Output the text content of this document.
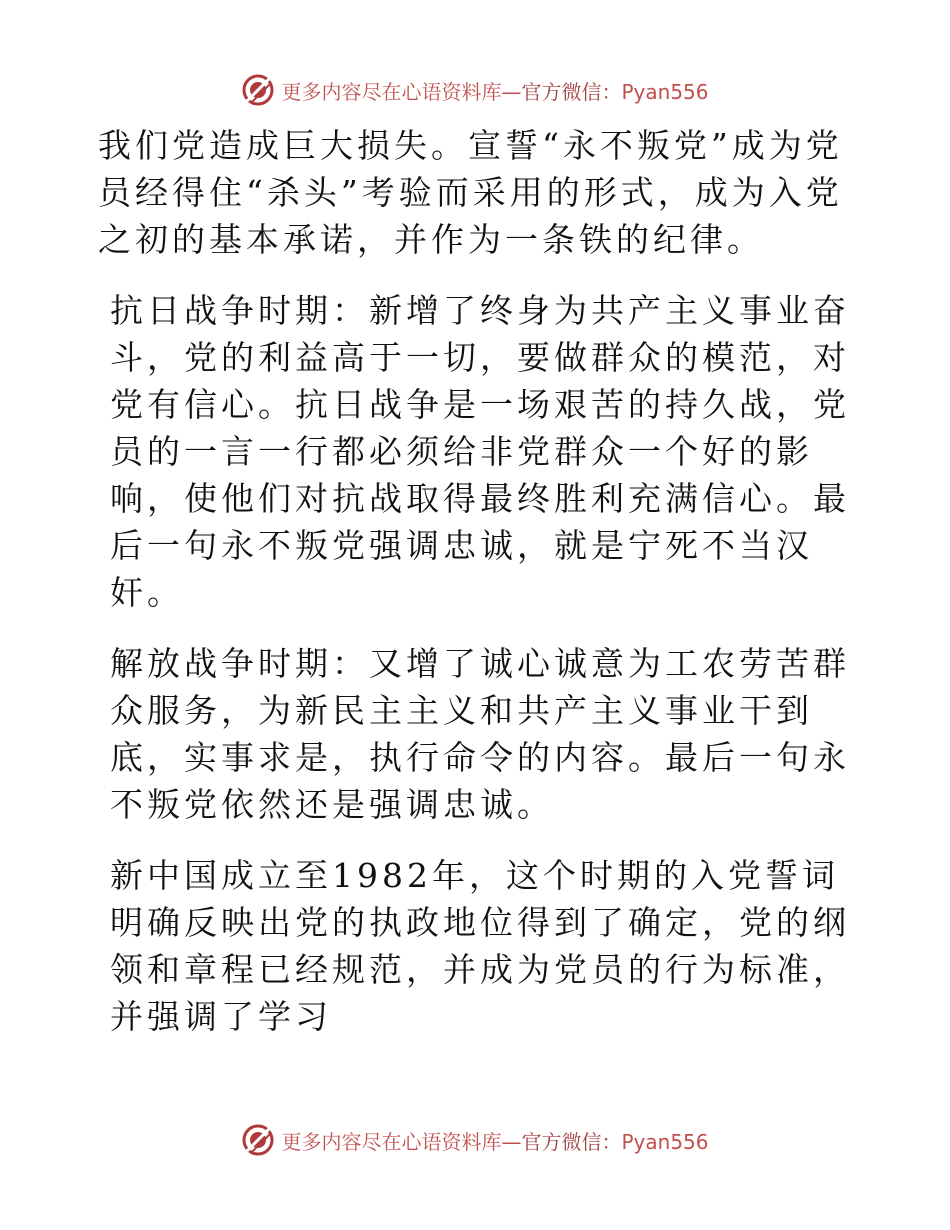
更多内容尽在心语资料库—官方微信：Pyan556

我们党造成巨大损失。宣誓“永不叛党”成为党员经得住“杀头”考验而采用的形式，成为入党之初的基本承诺，并作为一条铁的纪律。

抗日战争时期：新增了终身为共产主义事业奋斗，党的利益高于一切，要做群众的模范，对党有信心。抗日战争是一场艰苦的持久战，党员的一言一行都必须给非党群众一个好的影响，使他们对抗战取得最终胜利充满信心。最后一句永不叛党强调忠诚，就是宁死不当汉奸。

解放战争时期：又增了诚心诚意为工农劳苦群众服务，为新民主主义和共产主义事业干到底，实事求是，执行命令的内容。最后一句永不叛党依然还是强调忠诚。

新中国成立至1982年，这个时期的入党誓词明确反映出党的执政地位得到了确定，党的纲领和章程已经规范，并成为党员的行为标准，并强调了学习

更多内容尽在心语资料库—官方微信：Pyan556
